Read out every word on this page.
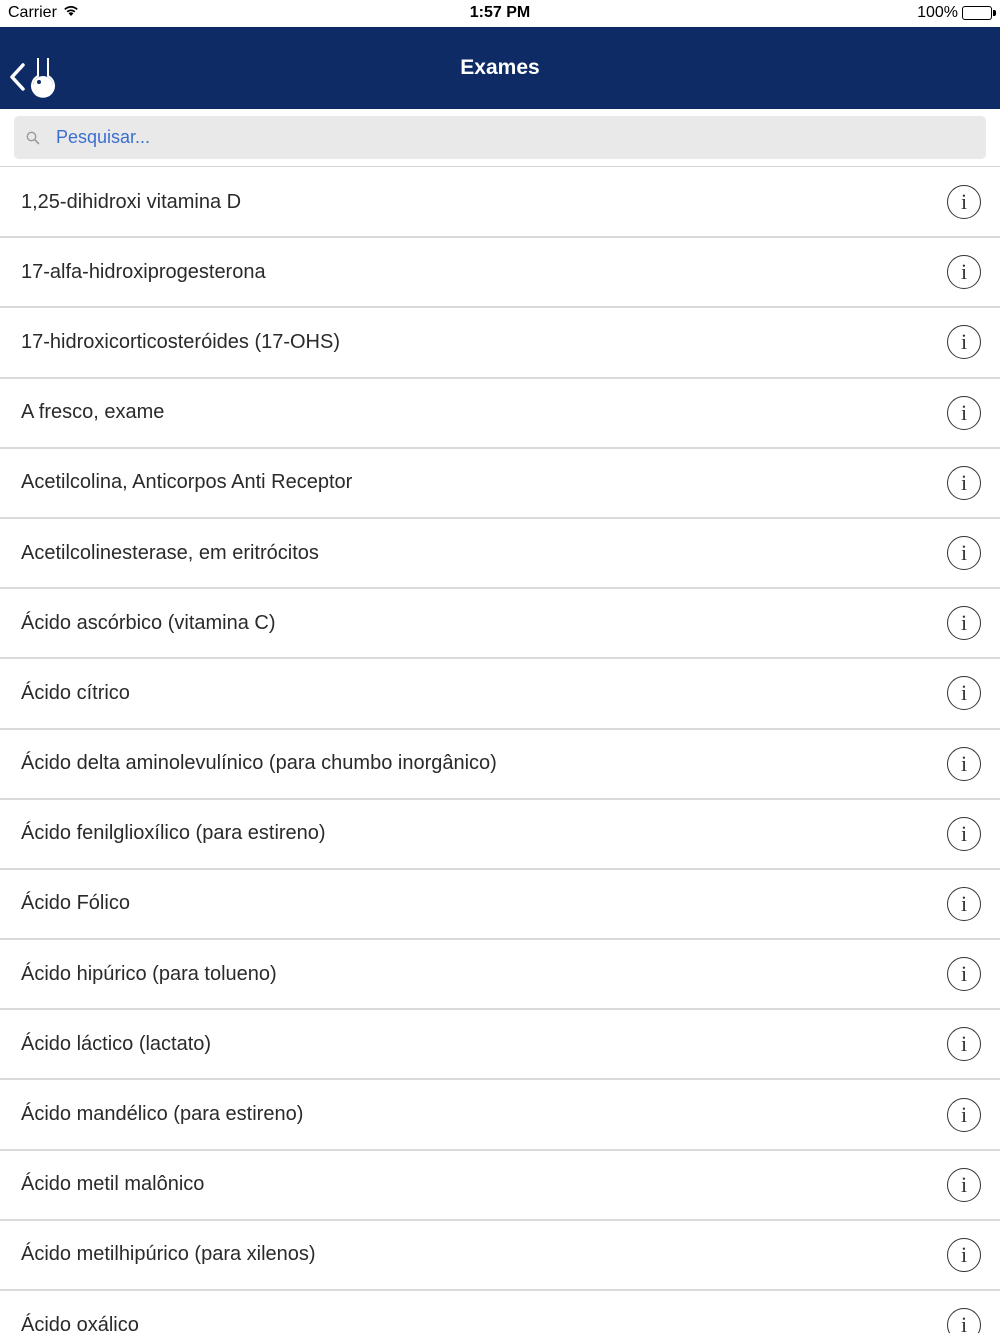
Carrier	1:57 PM	100%
Exames
Pesquisar...
1,25-dihidroxi vitamina D	i
17-alfa-hidroxiprogesterona	i
17-hidroxicorticosteróides (17-OHS)	i
A fresco, exame	i
Acetilcolina, Anticorpos Anti Receptor	i
Acetilcolinesterase, em eritrócitos	i
Ácido ascórbico (vitamina C)	i
Ácido cítrico	i
Ácido delta aminolevulínico (para chumbo inorgânico)	i
Ácido fenilglioxílico (para estireno)	i
Ácido Fólico	i
Ácido hipúrico (para tolueno)	i
Ácido láctico (lactato)	i
Ácido mandélico (para estireno)	i
Ácido metil malônico	i
Ácido metilhipúrico (para xilenos)	i
Ácido oxálico	i
